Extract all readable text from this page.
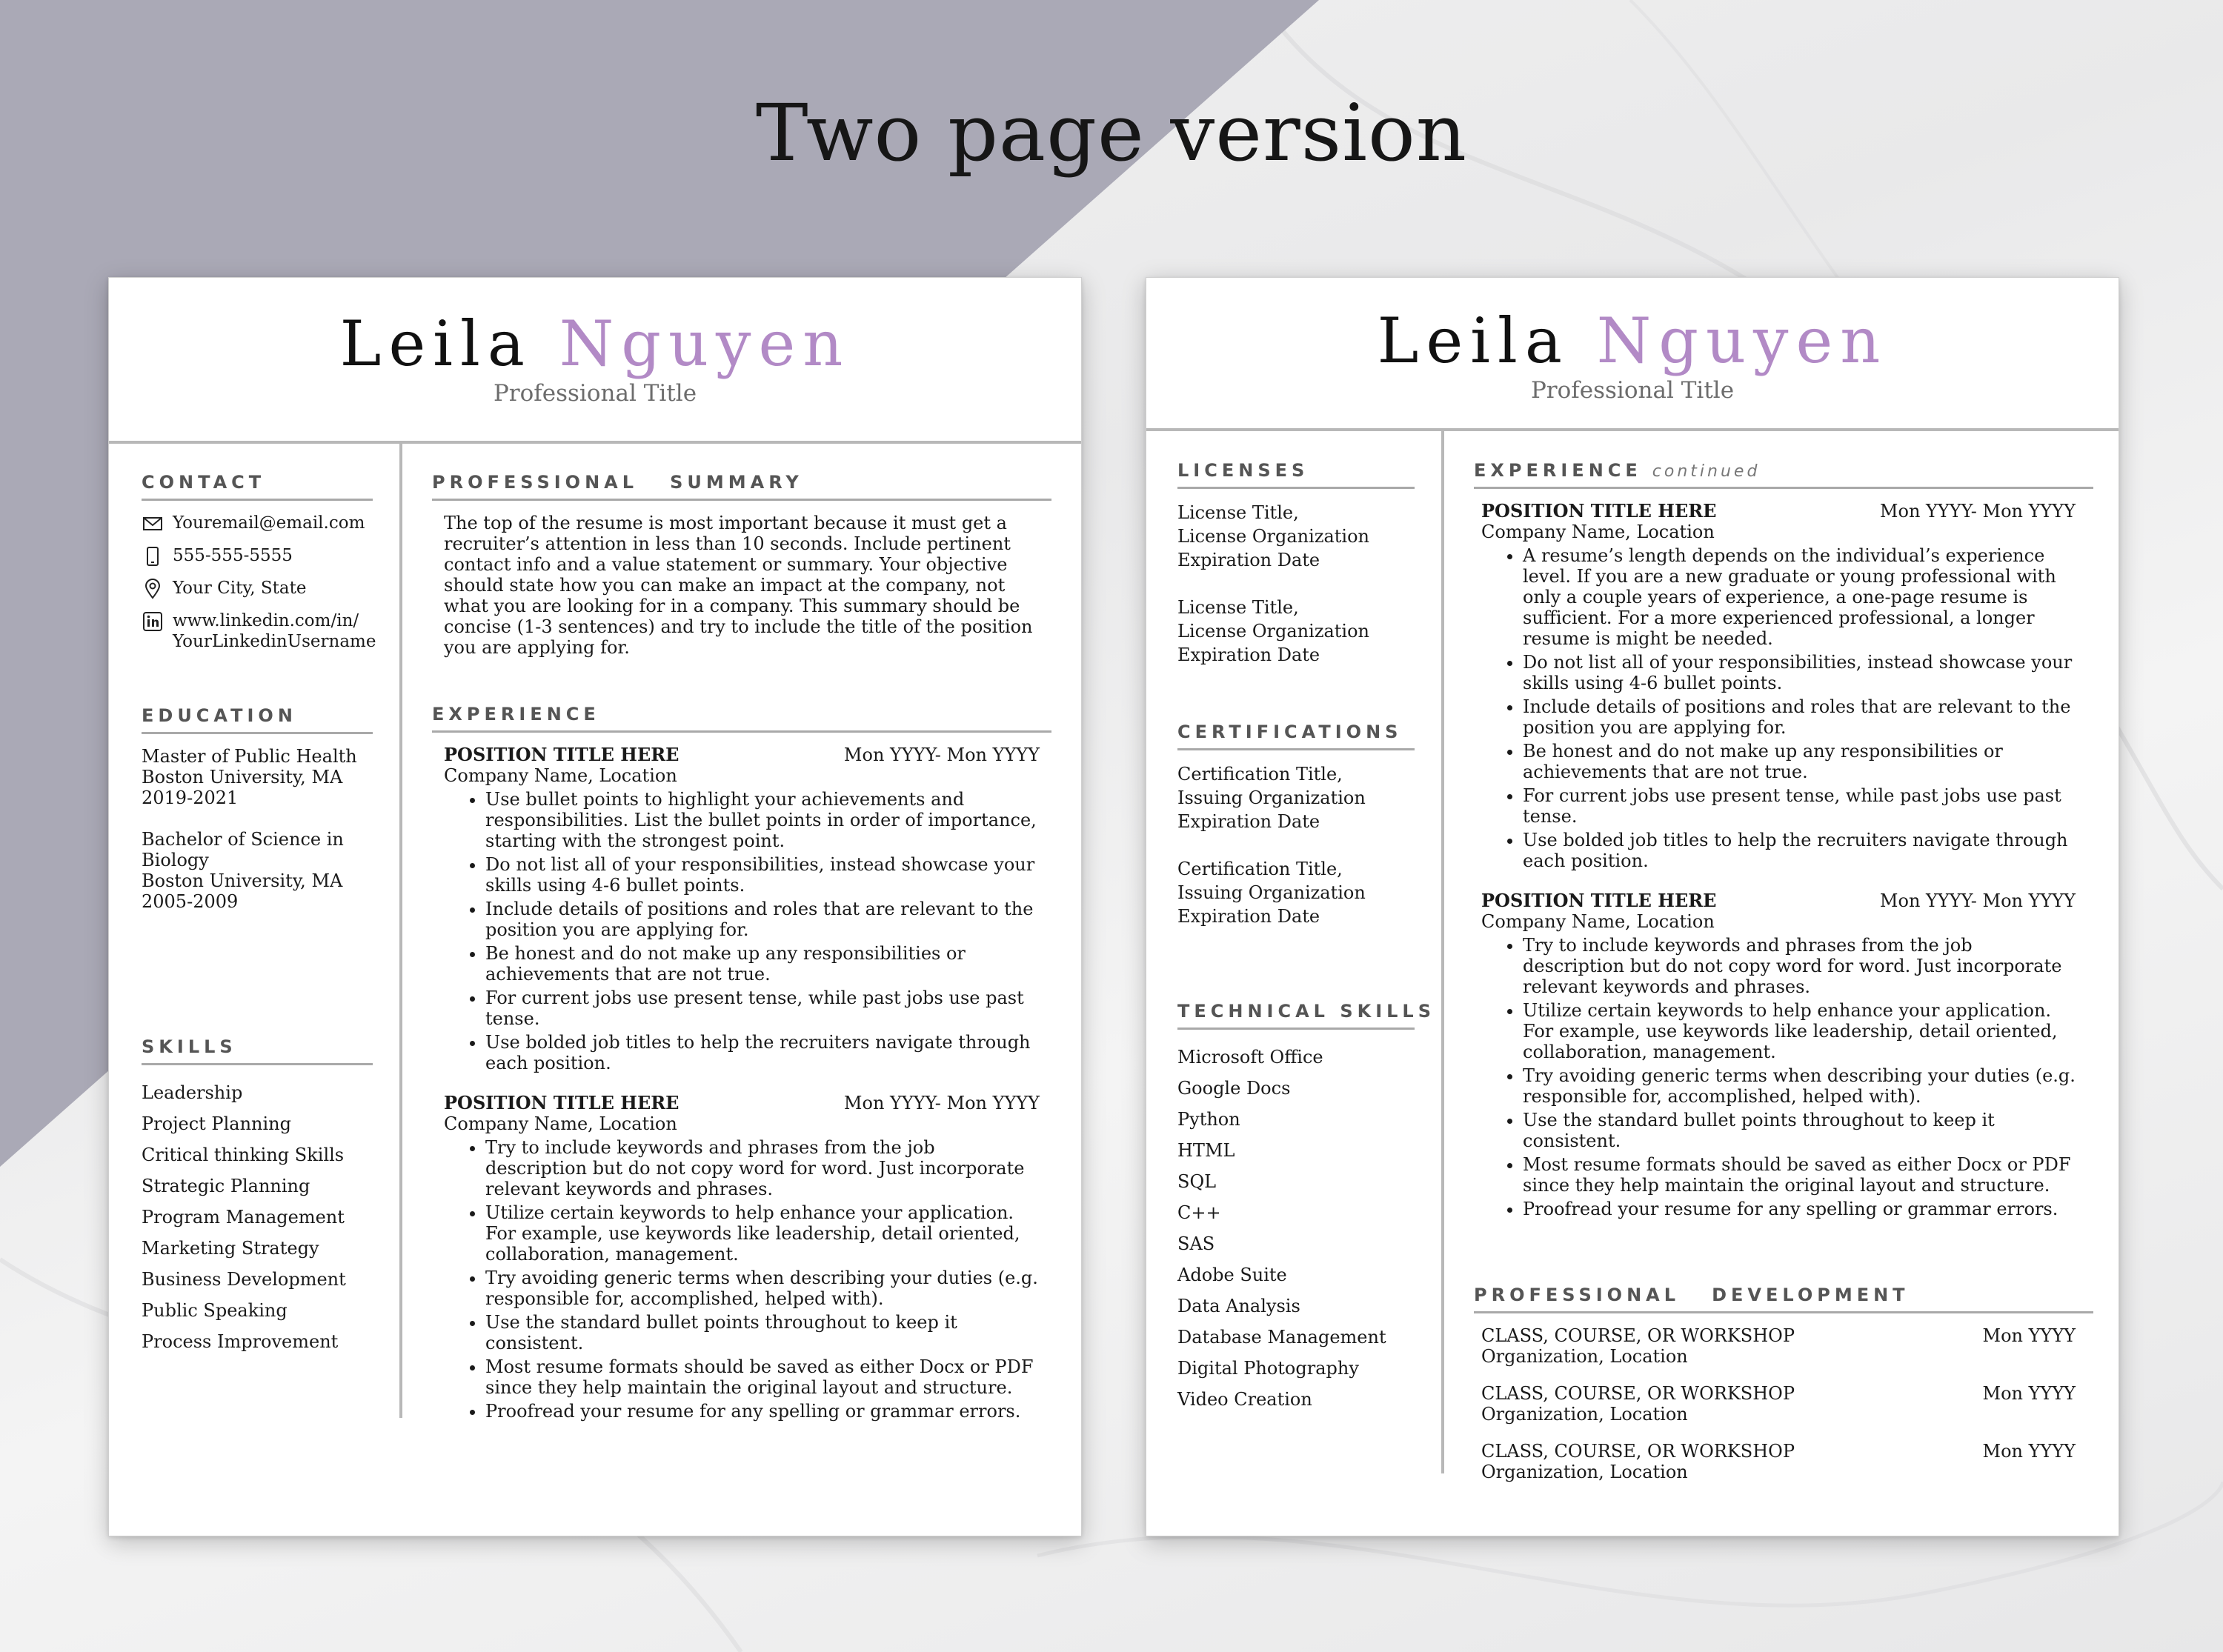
Two page version
Leila Nguyen
Professional Title
CONTACT
Youremail@email.com
555-555-5555
Your City, State
www.linkedin.com/in/
YourLinkedinUsername
EDUCATION
Master of Public Health
Boston University, MA
2019-2021
Bachelor of Science in Biology
Boston University, MA
2005-2009
SKILLS
Leadership
Project Planning
Critical thinking Skills
Strategic Planning
Program Management
Marketing Strategy
Business Development
Public Speaking
Process Improvement
PROFESSIONAL   SUMMARY
The top of the resume is most important because it must get a recruiter’s attention in less than 10 seconds. Include pertinent contact info and a value statement or summary. Your objective should state how you can make an impact at the company, not what you are looking for in a company. This summary should be concise (1-3 sentences) and try to include the title of the position you are applying for.
EXPERIENCE
POSITION TITLE HERE	Mon YYYY- Mon YYYY
Company Name, Location
• Use bullet points to highlight your achievements and responsibilities. List the bullet points in order of importance, starting with the strongest point.
• Do not list all of your responsibilities, instead showcase your skills using 4-6 bullet points.
• Include details of positions and roles that are relevant to the position you are applying for.
• Be honest and do not make up any responsibilities or achievements that are not true.
• For current jobs use present tense, while past jobs use past tense.
• Use bolded job titles to help the recruiters navigate through each position.
POSITION TITLE HERE	Mon YYYY- Mon YYYY
Company Name, Location
• Try to include keywords and phrases from the job description but do not copy word for word. Just incorporate relevant keywords and phrases.
• Utilize certain keywords to help enhance your application. For example, use keywords like leadership, detail oriented, collaboration, management.
• Try avoiding generic terms when describing your duties (e.g. responsible for, accomplished, helped with).
• Use the standard bullet points throughout to keep it consistent.
• Most resume formats should be saved as either Docx or PDF since they help maintain the original layout and structure.
• Proofread your resume for any spelling or grammar errors.
Leila Nguyen
Professional Title
LICENSES
License Title,
License Organization
Expiration Date
License Title,
License Organization
Expiration Date
CERTIFICATIONS
Certification Title,
Issuing Organization
Expiration Date
Certification Title,
Issuing Organization
Expiration Date
TECHNICAL SKILLS
Microsoft Office
Google Docs
Python
HTML
SQL
C++
SAS
Adobe Suite
Data Analysis
Database Management
Digital Photography
Video Creation
EXPERIENCE continued
POSITION TITLE HERE	Mon YYYY- Mon YYYY
Company Name, Location
• A resume’s length depends on the individual’s experience level. If you are a new graduate or young professional with only a couple years of experience, a one-page resume is sufficient. For a more experienced professional, a longer resume is might be needed.
• Do not list all of your responsibilities, instead showcase your skills using 4-6 bullet points.
• Include details of positions and roles that are relevant to the position you are applying for.
• Be honest and do not make up any responsibilities or achievements that are not true.
• For current jobs use present tense, while past jobs use past tense.
• Use bolded job titles to help the recruiters navigate through each position.
POSITION TITLE HERE	Mon YYYY- Mon YYYY
Company Name, Location
• Try to include keywords and phrases from the job description but do not copy word for word. Just incorporate relevant keywords and phrases.
• Utilize certain keywords to help enhance your application. For example, use keywords like leadership, detail oriented, collaboration, management.
• Try avoiding generic terms when describing your duties (e.g. responsible for, accomplished, helped with).
• Use the standard bullet points throughout to keep it consistent.
• Most resume formats should be saved as either Docx or PDF since they help maintain the original layout and structure.
• Proofread your resume for any spelling or grammar errors.
PROFESSIONAL   DEVELOPMENT
CLASS, COURSE, OR WORKSHOP	Mon YYYY
Organization, Location
CLASS, COURSE, OR WORKSHOP	Mon YYYY
Organization, Location
CLASS, COURSE, OR WORKSHOP	Mon YYYY
Organization, Location
